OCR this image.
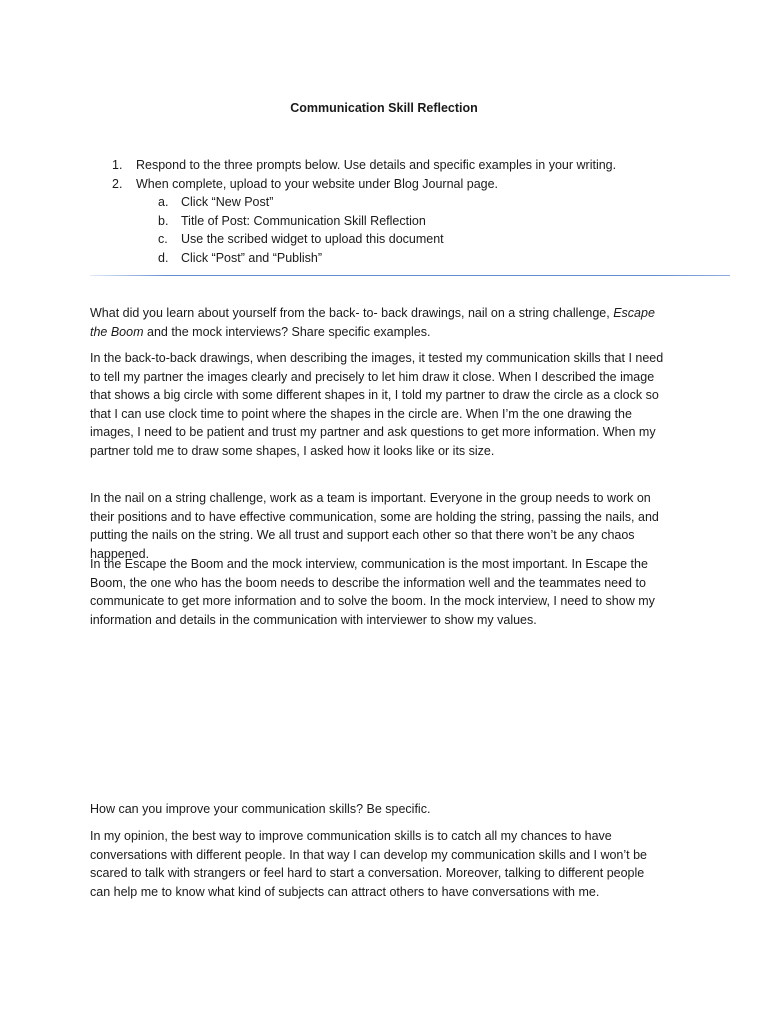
Communication Skill Reflection
1. Respond to the three prompts below. Use details and specific examples in your writing.
2. When complete, upload to your website under Blog Journal page.
a. Click “New Post”
b. Title of Post: Communication Skill Reflection
c. Use the scribed widget to upload this document
d. Click “Post” and “Publish”

What did you learn about yourself from the back- to- back drawings, nail on a string challenge, Escape
the Boom and the mock interviews? Share specific examples.

In the back-to-back drawings, when describing the images, it tested my communication skills that I need
to tell my partner the images clearly and precisely to let him draw it close. When I described the image
that shows a big circle with some different shapes in it, I told my partner to draw the circle as a clock so
that I can use clock time to point where the shapes in the circle are. When I’m the one drawing the
images, I need to be patient and trust my partner and ask questions to get more information. When my
partner told me to draw some shapes, I asked how it looks like or its size.

In the nail on a string challenge, work as a team is important. Everyone in the group needs to work on
their positions and to have effective communication, some are holding the string, passing the nails, and
putting the nails on the string. We all trust and support each other so that there won’t be any chaos
happened.

In the Escape the Boom and the mock interview, communication is the most important. In Escape the
Boom, the one who has the boom needs to describe the information well and the teammates need to
communicate to get more information and to solve the boom. In the mock interview, I need to show my
information and details in the communication with interviewer to show my values.

How can you improve your communication skills? Be specific.

In my opinion, the best way to improve communication skills is to catch all my chances to have
conversations with different people. In that way I can develop my communication skills and I won’t be
scared to talk with strangers or feel hard to start a conversation. Moreover, talking to different people
can help me to know what kind of subjects can attract others to have conversations with me.
